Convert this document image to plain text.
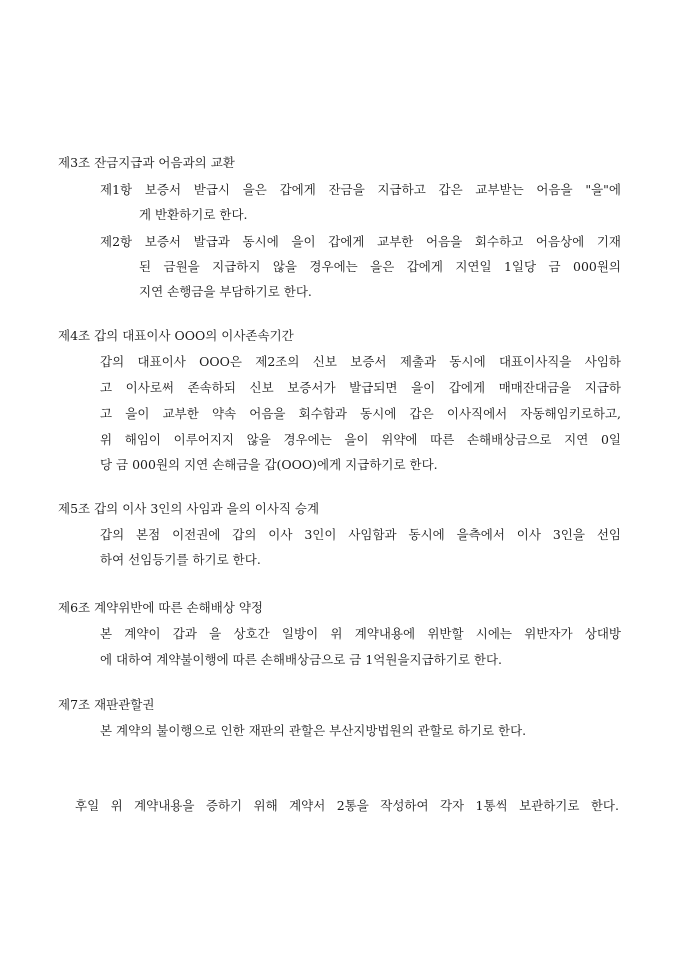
제3조 잔금지급과 어음과의 교환
제1항 보증서 받급시 을은 갑에게 잔금을 지급하고 갑은 교부받는 어음을 "을"에
게 반환하기로 한다.
제2항 보증서 발급과 동시에 을이 갑에게 교부한 어음을 회수하고 어음상에 기재
된 금원을 지급하지 않을 경우에는 을은 갑에게 지연일 1일당 금 000원의
지연 손행금을 부담하기로 한다.
제4조 갑의 대표이사 OOO의 이사존속기간
갑의 대표이사 OOO은 제2조의 신보 보증서 제출과 동시에 대표이사직을 사임하
고 이사로써 존속하되 신보 보증서가 발급되면 을이 갑에게 매매잔대금을 지급하
고 을이 교부한 약속 어음을 회수함과 동시에 갑은 이사직에서 자동해임키로하고,
위 해임이 이루어지지 않을 경우에는 을이 위약에 따른 손해배상금으로 지연 0일
당 금 000원의 지연 손해금을 갑(OOO)에게 지급하기로 한다.
제5조 갑의 이사 3인의 사임과 을의 이사직 승계
갑의 본점 이전권에 갑의 이사 3인이 사임함과 동시에 을측에서 이사 3인을 선임
하여 선임등기를 하기로 한다.
제6조 계약위반에 따른 손해배상 약정
본 계약이 갑과 을 상호간 일방이 위 계약내용에 위반할 시에는 위반자가 상대방
에 대하여 계약불이행에 따른 손해배상금으로 금 1억원을지급하기로 한다.
제7조 재판관할권
본 계약의 불이행으로 인한 재판의 관할은 부산지방법원의 관할로 하기로 한다.
후일 위 계약내용을 증하기 위해 계약서 2통을 작성하여 각자 1통씩 보관하기로 한다.
